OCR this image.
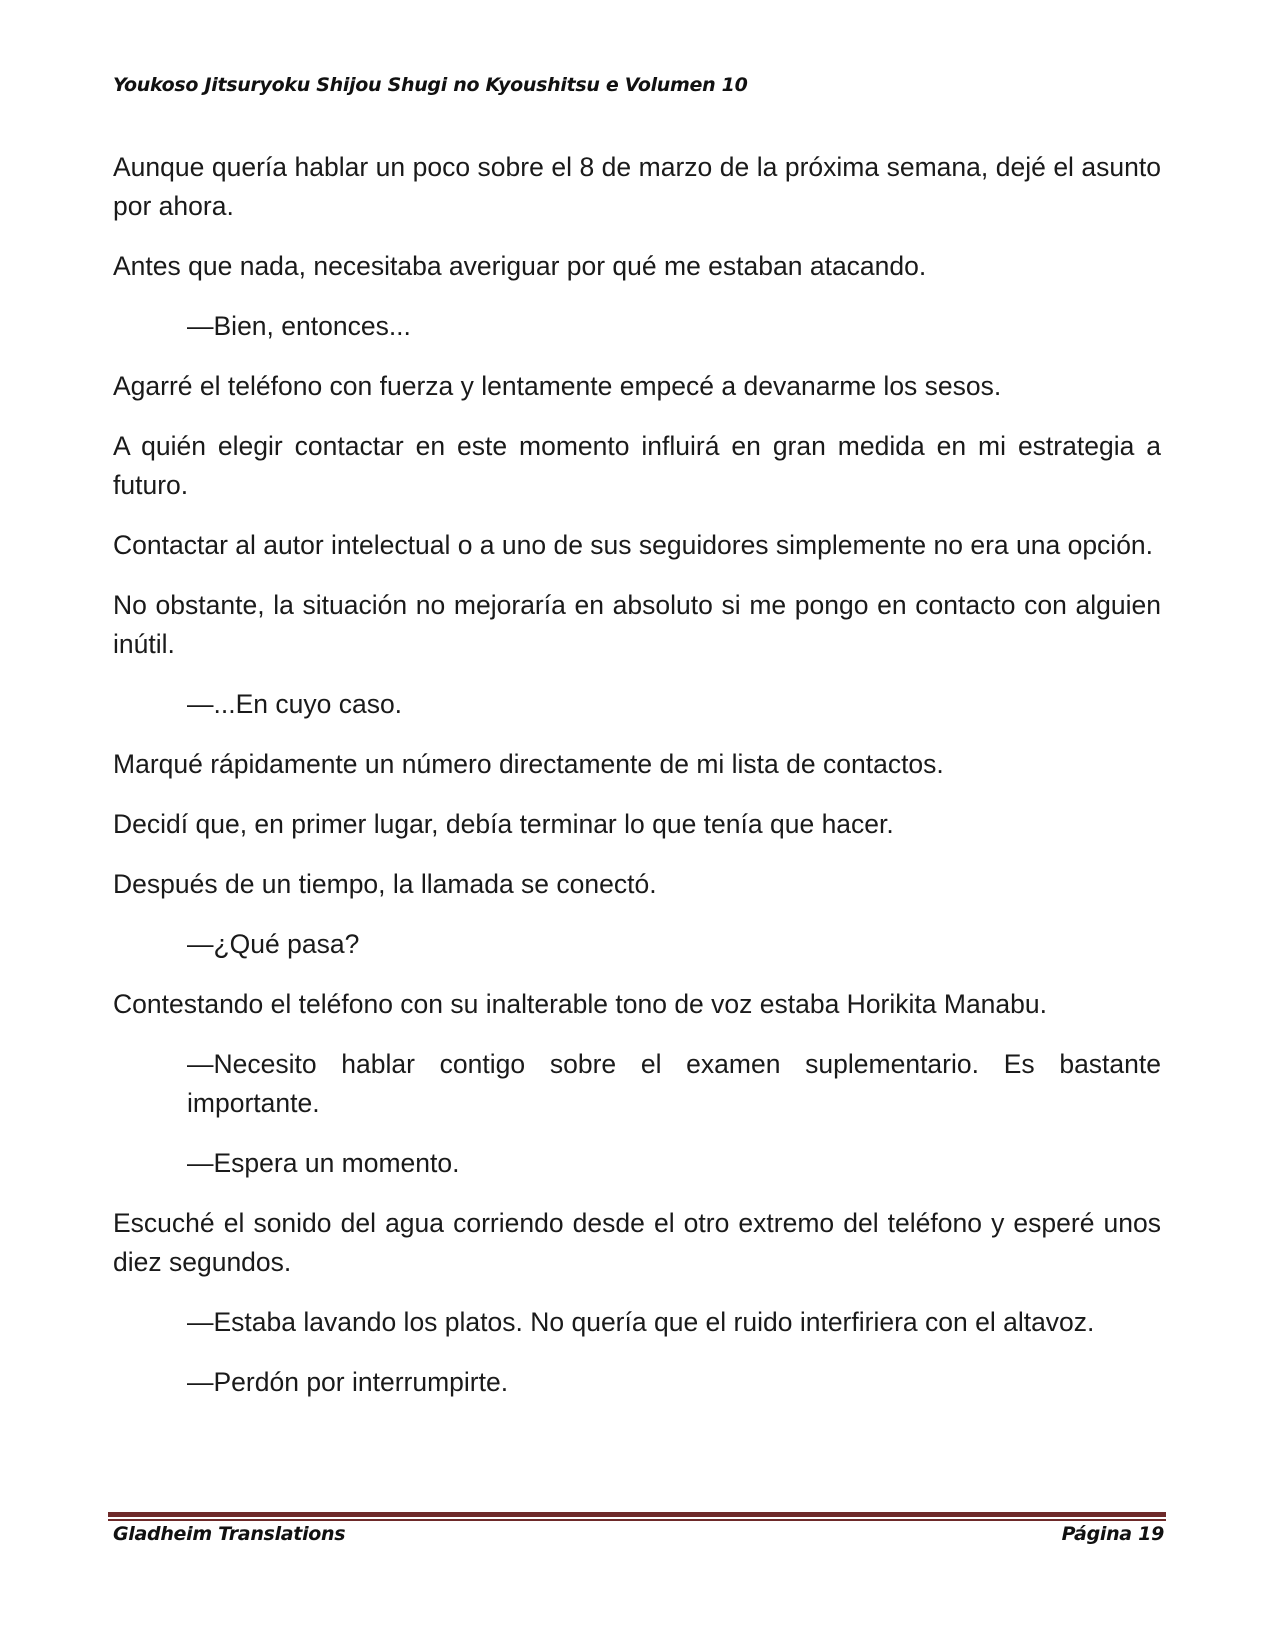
Youkoso Jitsuryoku Shijou Shugi no Kyoushitsu e Volumen 10

Aunque quería hablar un poco sobre el 8 de marzo de la próxima semana, dejé el asunto por ahora.

Antes que nada, necesitaba averiguar por qué me estaban atacando.

—Bien, entonces...

Agarré el teléfono con fuerza y lentamente empecé a devanarme los sesos.

A quién elegir contactar en este momento influirá en gran medida en mi estrategia a futuro.

Contactar al autor intelectual o a uno de sus seguidores simplemente no era una opción.

No obstante, la situación no mejoraría en absoluto si me pongo en contacto con alguien inútil.

—...En cuyo caso.

Marqué rápidamente un número directamente de mi lista de contactos.

Decidí que, en primer lugar, debía terminar lo que tenía que hacer.

Después de un tiempo, la llamada se conectó.

—¿Qué pasa?

Contestando el teléfono con su inalterable tono de voz estaba Horikita Manabu.

—Necesito hablar contigo sobre el examen suplementario. Es bastante importante.

—Espera un momento.

Escuché el sonido del agua corriendo desde el otro extremo del teléfono y esperé unos diez segundos.

—Estaba lavando los platos. No quería que el ruido interfiriera con el altavoz.

—Perdón por interrumpirte.

Gladheim Translations	Página 19
